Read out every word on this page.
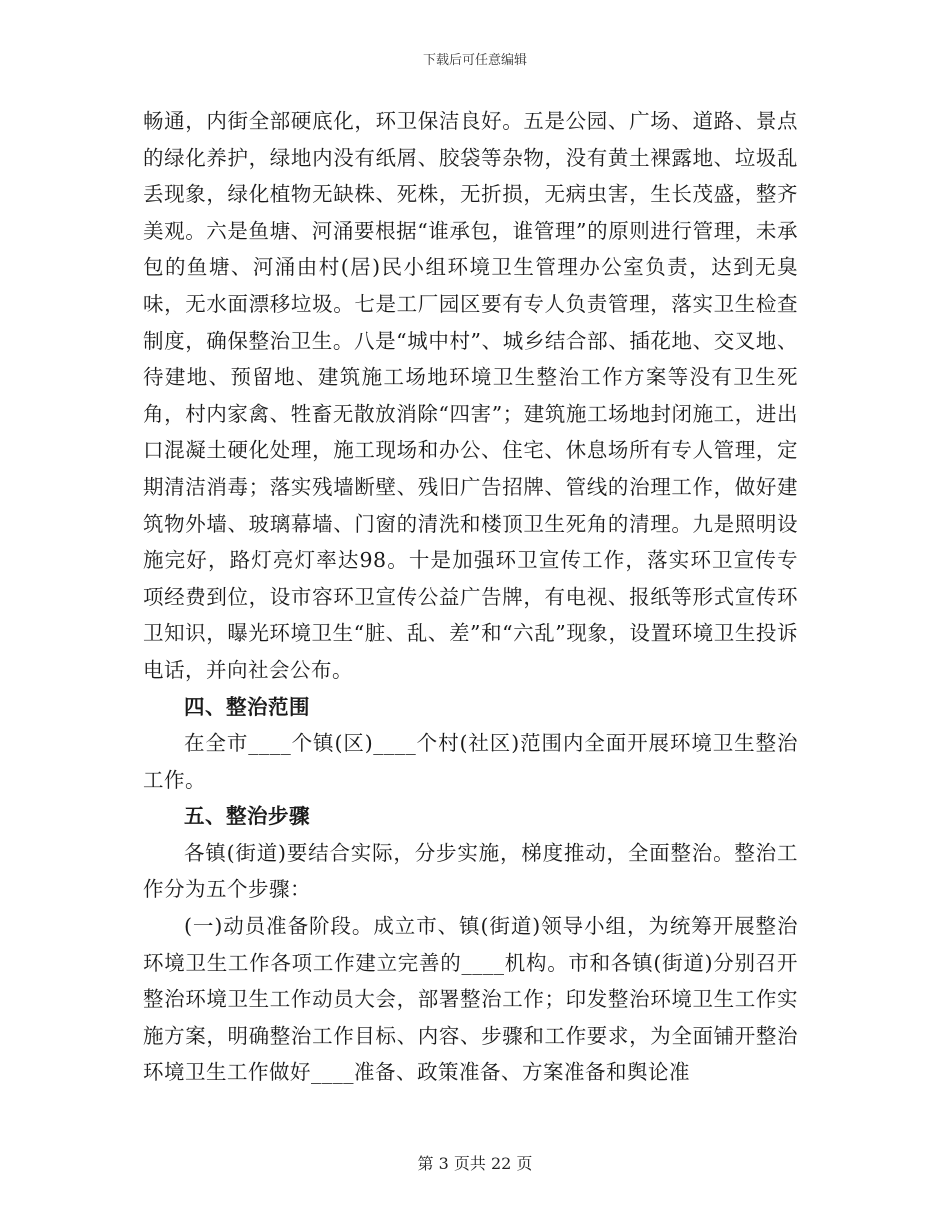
下载后可任意编辑

畅通，内街全部硬底化，环卫保洁良好。五是公园、广场、道路、景点的绿化养护，绿地内没有纸屑、胶袋等杂物，没有黄土裸露地、垃圾乱丢现象，绿化植物无缺株、死株，无折损，无病虫害，生长茂盛，整齐美观。六是鱼塘、河涌要根据“谁承包，谁管理”的原则进行管理，未承包的鱼塘、河涌由村(居)民小组环境卫生管理办公室负责，达到无臭味，无水面漂移垃圾。七是工厂园区要有专人负责管理，落实卫生检查制度，确保整治卫生。八是“城中村”、城乡结合部、插花地、交叉地、待建地、预留地、建筑施工场地环境卫生整治工作方案等没有卫生死角，村内家禽、牲畜无散放消除“四害”；建筑施工场地封闭施工，进出口混凝土硬化处理，施工现场和办公、住宅、休息场所有专人管理，定期清洁消毒；落实残墙断壁、残旧广告招牌、管线的治理工作，做好建筑物外墙、玻璃幕墙、门窗的清洗和楼顶卫生死角的清理。九是照明设施完好，路灯亮灯率达98。十是加强环卫宣传工作，落实环卫宣传专项经费到位，设市容环卫宣传公益广告牌，有电视、报纸等形式宣传环卫知识，曝光环境卫生“脏、乱、差”和“六乱”现象，设置环境卫生投诉电话，并向社会公布。

四、整治范围

在全市____个镇(区)____个村(社区)范围内全面开展环境卫生整治工作。

五、整治步骤

各镇(街道)要结合实际，分步实施，梯度推动，全面整治。整治工作分为五个步骤：

(一)动员准备阶段。成立市、镇(街道)领导小组，为统筹开展整治环境卫生工作各项工作建立完善的____机构。市和各镇(街道)分别召开整治环境卫生工作动员大会，部署整治工作；印发整治环境卫生工作实施方案，明确整治工作目标、内容、步骤和工作要求，为全面铺开整治环境卫生工作做好____准备、政策准备、方案准备和舆论准

第 3 页共 22 页
